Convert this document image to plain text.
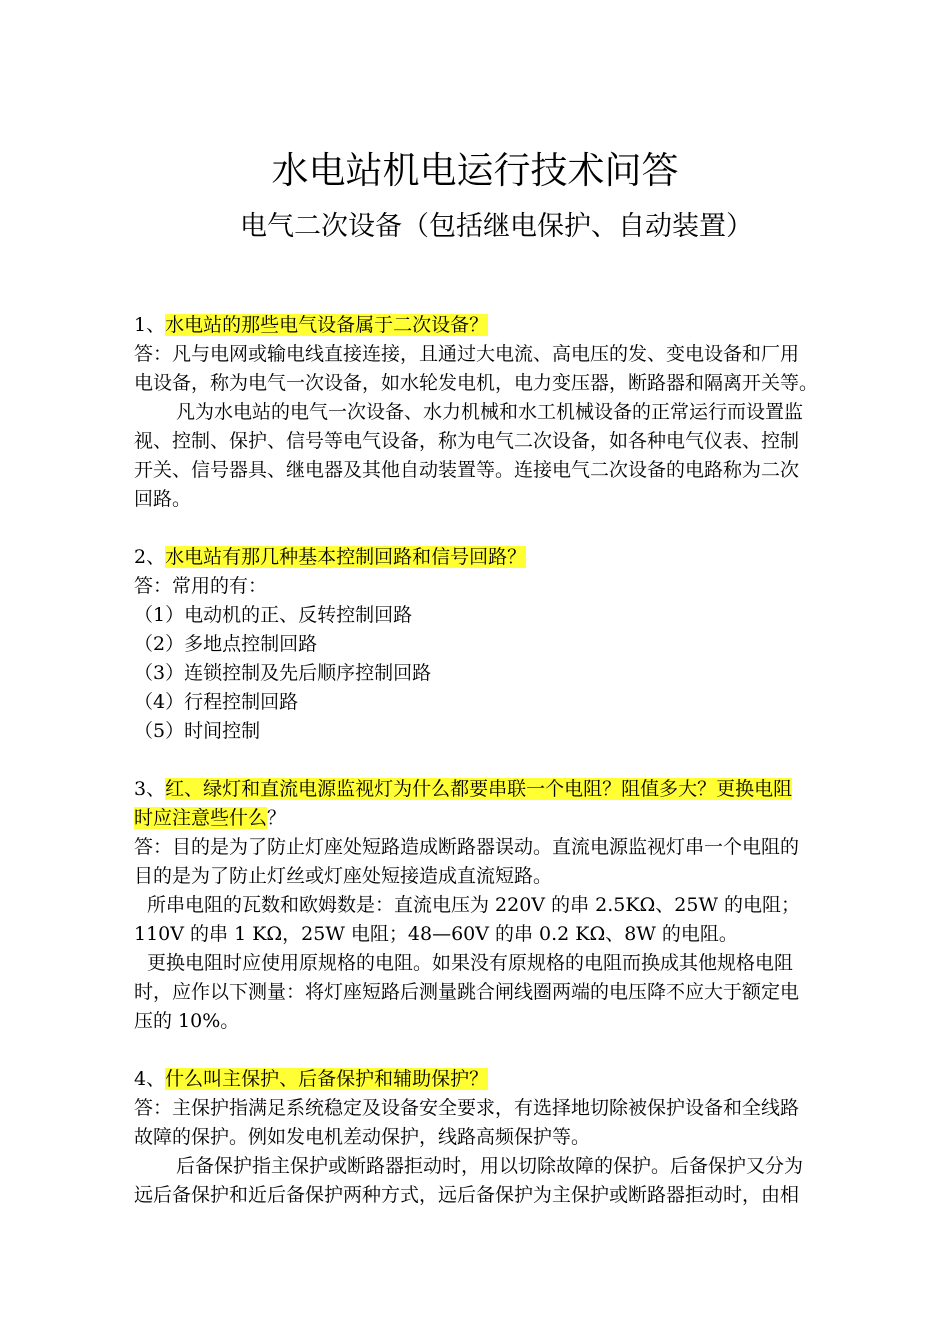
水电站机电运行技术问答
电气二次设备（包括继电保护、自动装置）
1、水电站的那些电气设备属于二次设备？
答：凡与电网或输电线直接连接，且通过大电流、高电压的发、变电设备和厂用
电设备，称为电气一次设备，如水轮发电机，电力变压器，断路器和隔离开关等。
凡为水电站的电气一次设备、水力机械和水工机械设备的正常运行而设置监
视、控制、保护、信号等电气设备，称为电气二次设备，如各种电气仪表、控制
开关、信号器具、继电器及其他自动装置等。连接电气二次设备的电路称为二次
回路。
2、水电站有那几种基本控制回路和信号回路？
答：常用的有：
（1）电动机的正、反转控制回路
（2）多地点控制回路
（3）连锁控制及先后顺序控制回路
（4）行程控制回路
（5）时间控制
3、红、绿灯和直流电源监视灯为什么都要串联一个电阻？阻值多大？更换电阻
时应注意些什么？
答：目的是为了防止灯座处短路造成断路器误动。直流电源监视灯串一个电阻的
目的是为了防止灯丝或灯座处短接造成直流短路。
所串电阻的瓦数和欧姆数是：直流电压为 220V 的串 2.5KΩ、25W 的电阻；
110V 的串 1 KΩ，25W 电阻；48—60V 的串 0.2 KΩ、8W 的电阻。
更换电阻时应使用原规格的电阻。如果没有原规格的电阻而换成其他规格电阻
时，应作以下测量：将灯座短路后测量跳合闸线圈两端的电压降不应大于额定电
压的 10%。
4、什么叫主保护、后备保护和辅助保护？
答：主保护指满足系统稳定及设备安全要求，有选择地切除被保护设备和全线路
故障的保护。例如发电机差动保护，线路高频保护等。
后备保护指主保护或断路器拒动时，用以切除故障的保护。后备保护又分为
远后备保护和近后备保护两种方式，远后备保护为主保护或断路器拒动时，由相
